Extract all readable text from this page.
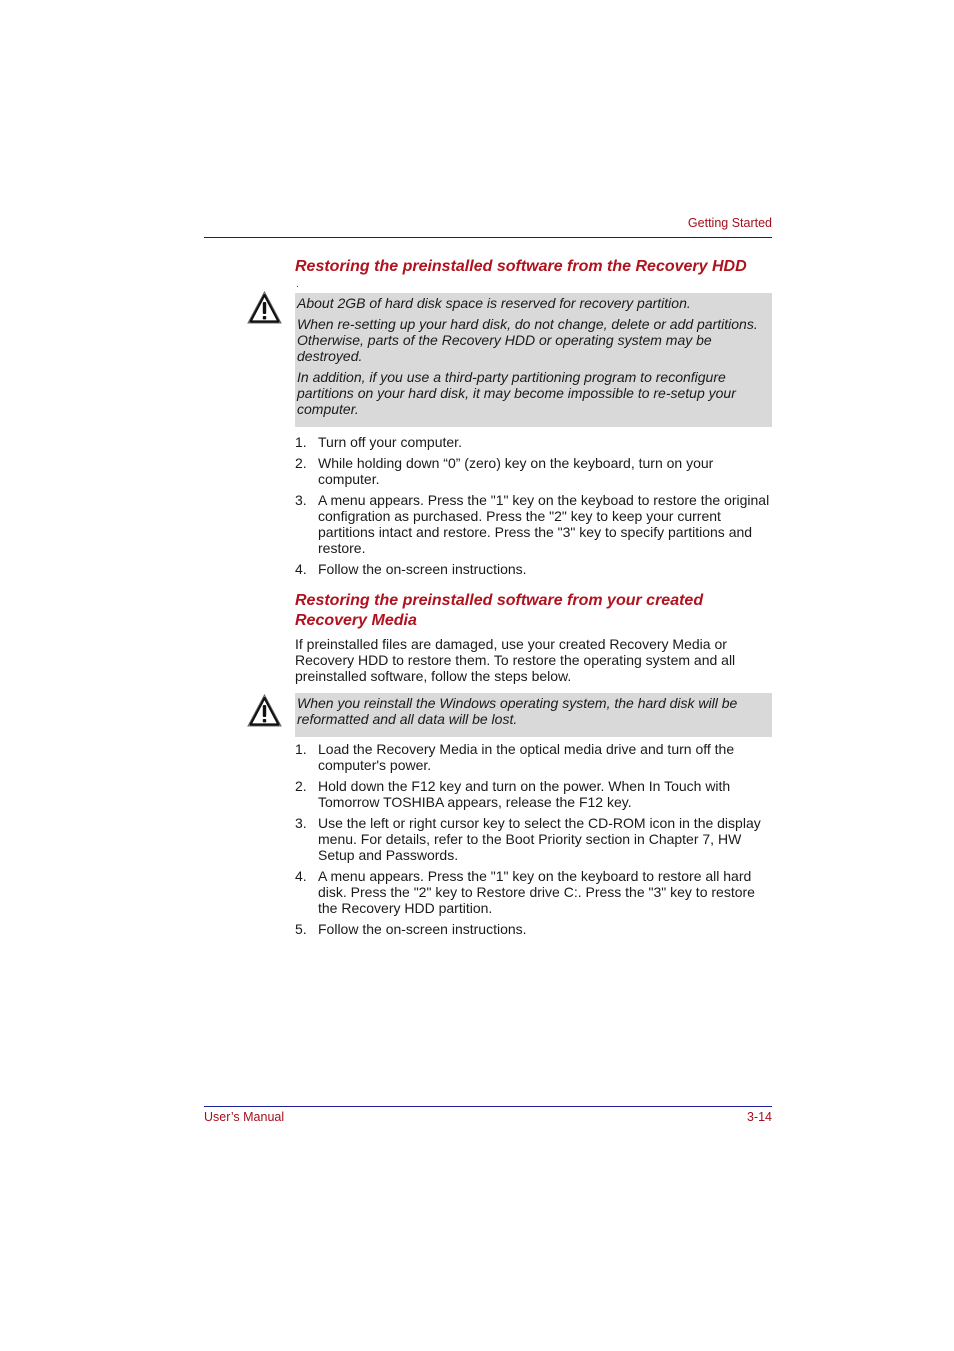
Getting Started
Restoring the preinstalled software from the Recovery HDD
.

About 2GB of hard disk space is reserved for recovery partition.

When re-setting up your hard disk, do not change, delete or add partitions. Otherwise, parts of the Recovery HDD or operating system may be destroyed.

In addition, if you use a third-party partitioning program to reconfigure partitions on your hard disk, it may become impossible to re-setup your computer.

1. Turn off your computer.
2. While holding down “0” (zero) key on the keyboard, turn on your computer.
3. A menu appears. Press the "1" key on the keyboad to restore the original configration as purchased. Press the "2" key to keep your current partitions intact and restore. Press the "3" key to specify partitions and restore.
4. Follow the on-screen instructions.
Restoring the preinstalled software from your created
Recovery Media
If preinstalled files are damaged, use your created Recovery Media or Recovery HDD to restore them. To restore the operating system and all preinstalled software, follow the steps below.

When you reinstall the Windows operating system, the hard disk will be reformatted and all data will be lost.

1. Load the Recovery Media in the optical media drive and turn off the computer's power.
2. Hold down the F12 key and turn on the power. When In Touch with Tomorrow TOSHIBA appears, release the F12 key.
3. Use the left or right cursor key to select the CD-ROM icon in the display menu. For details, refer to the Boot Priority section in Chapter 7, HW Setup and Passwords.
4. A menu appears. Press the "1" key on the keyboard to restore all hard disk. Press the "2" key to Restore drive C:. Press the "3" key to restore the Recovery HDD partition.
5. Follow the on-screen instructions.
User’s Manual	3-14
